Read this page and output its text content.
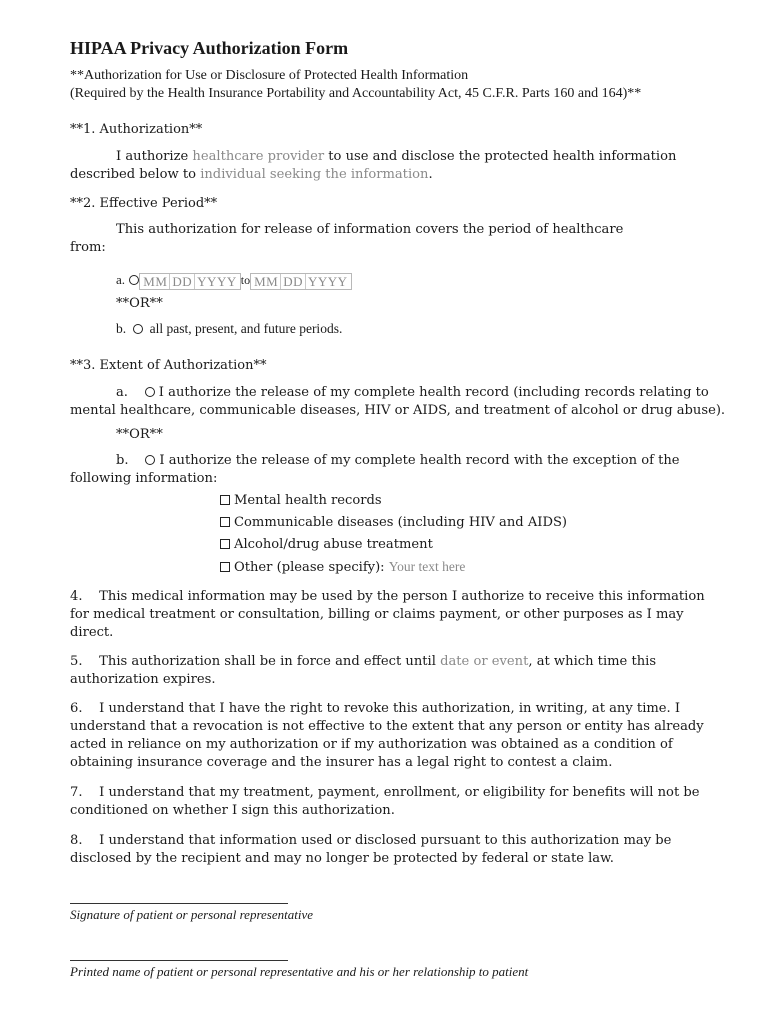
HIPAA Privacy Authorization Form
**Authorization for Use or Disclosure of Protected Health Information
(Required by the Health Insurance Portability and Accountability Act, 45 C.F.R. Parts 160 and 164)**
**1. Authorization**
I authorize healthcare provider to use and disclose the protected health information
described below to individual seeking the information.
**2. Effective Period**
This authorization for release of information covers the period of healthcare
from:
a. MM DD YYYY to MM DD YYYY
**OR**
b. all past, present, and future periods.
**3. Extent of Authorization**
a. I authorize the release of my complete health record (including records relating to
mental healthcare, communicable diseases, HIV or AIDS, and treatment of alcohol or drug abuse).
**OR**
b. I authorize the release of my complete health record with the exception of the
following information:
Mental health records
Communicable diseases (including HIV and AIDS)
Alcohol/drug abuse treatment
Other (please specify): Your text here
4. This medical information may be used by the person I authorize to receive this information
for medical treatment or consultation, billing or claims payment, or other purposes as I may
direct.
5. This authorization shall be in force and effect until date or event, at which time this
authorization expires.
6. I understand that I have the right to revoke this authorization, in writing, at any time. I
understand that a revocation is not effective to the extent that any person or entity has already
acted in reliance on my authorization or if my authorization was obtained as a condition of
obtaining insurance coverage and the insurer has a legal right to contest a claim.
7. I understand that my treatment, payment, enrollment, or eligibility for benefits will not be
conditioned on whether I sign this authorization.
8. I understand that information used or disclosed pursuant to this authorization may be
disclosed by the recipient and may no longer be protected by federal or state law.
Signature of patient or personal representative
Printed name of patient or personal representative and his or her relationship to patient
